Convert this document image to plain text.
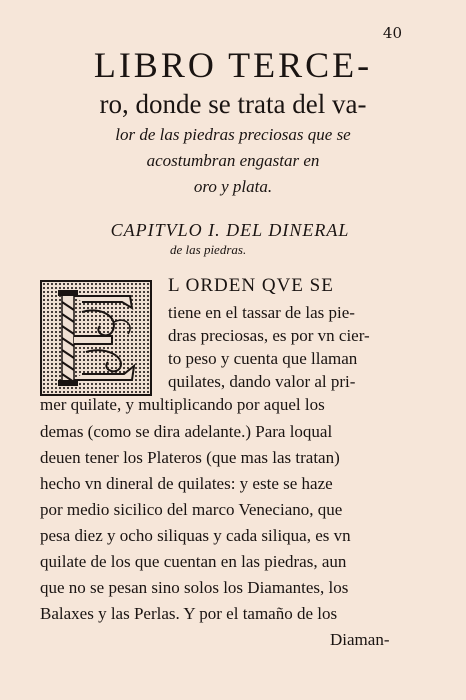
40
LIBRO TERCE-
ro, donde se trata del va-
lor de las piedras preciosas que se
acostumbran engastar en
oro y plata.
CAPITVLO I. DEL DINERAL
de las piedras.
L ORDEN QVE SE
tiene en el tassar de las pie-
dras preciosas, es por vn cier-
to peso y cuenta que llaman
quilates, dando valor al pri-
mer quilate, y multiplicando por aquel los
demas (como se dira adelante.) Para loqual
deuen tener los Plateros (que mas las tratan)
hecho vn dineral de quilates: y este se haze
por medio sicilico del marco Veneciano, que
pesa diez y ocho siliquas y cada siliqua, es vn
quilate de los que cuentan en las piedras, aun
que no se pesan sino solos los Diamantes, los
Balaxes y las Perlas. Y por el tamaño de los
Diaman-
